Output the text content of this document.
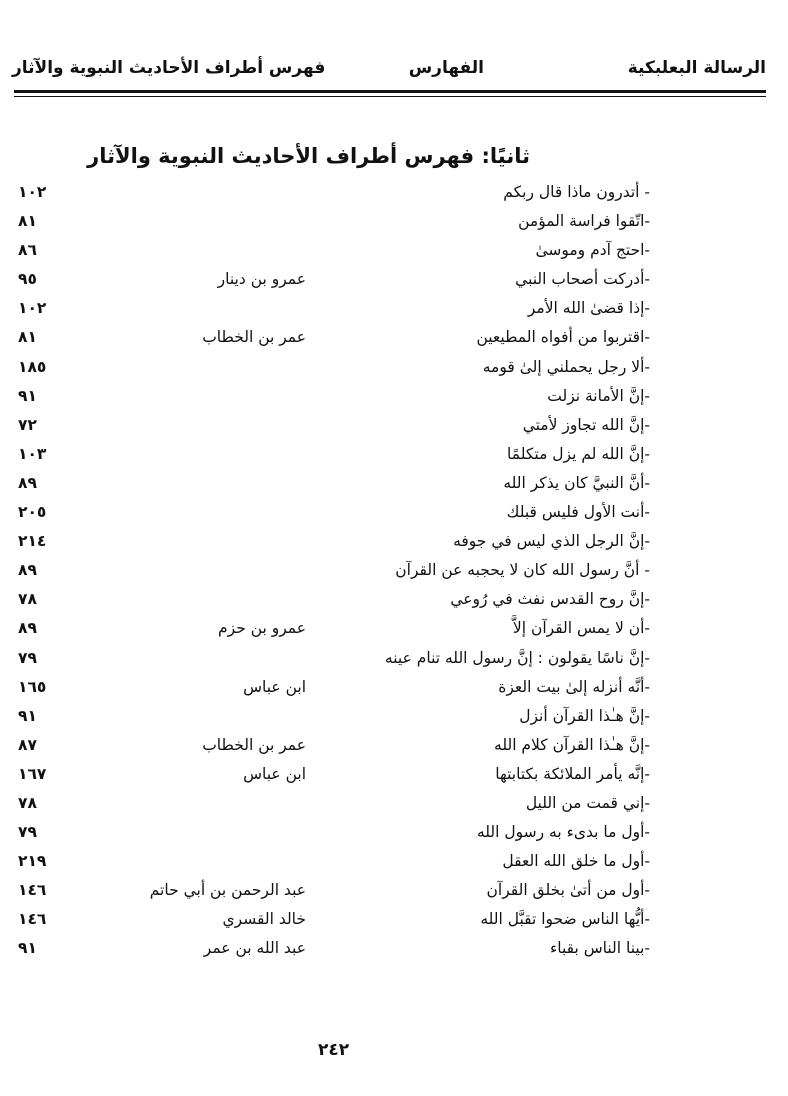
الرسالة البعلبكية
الفهارس
فهرس أطراف الأحاديث النبوية والآثار
ثانيًا: فهرس أطراف الأحاديث النبوية والآثار
- أتدرون ماذا قال ربكم
١٠٢
-اتّقوا فراسة المؤمن
٨١
-احتج آدم وموسىٰ
٨٦
-أدركت أصحاب النبي
عمرو بن دينار
٩٥
-إذا قضىٰ الله الأمر
١٠٢
-اقتربوا من أفواه المطيعين
عمر بن الخطاب
٨١
-ألا رجل يحملني إلىٰ قومه
١٨٥
-إنَّ الأمانة نزلت
٩١
-إنَّ الله تجاوز لأمتي
٧٢
-إنَّ الله لم يزل متكلمًا
١٠٣
-أنَّ النبيَّ كان يذكر الله
٨٩
-أنت الأول فليس قبلك
٢٠٥
-إنَّ الرجل الذي ليس في جوفه
٢١٤
- أنَّ رسول الله كان لا يحجبه عن القرآن
٨٩
-إنَّ روح القدس نفث في رُوعي
٧٨
-أن لا يمس القرآن إلاَّ
عمرو بن حزم
٨٩
-إنَّ ناسًا يقولون : إنَّ رسول الله تنام عينه
٧٩
-أنَّه أنزله إلىٰ بيت العزة
ابن عباس
١٦٥
-إنَّ هـٰذا القرآن أنزل
٩١
-إنَّ هـٰذا القرآن كلام الله
عمر بن الخطاب
٨٧
-إنَّه يأمر الملائكة بكتابتها
ابن عباس
١٦٧
-إني قمت من الليل
٧٨
-أول ما بدىء به رسول الله
٧٩
-أول ما خلق الله العقل
٢١٩
-أول من أتىٰ بخلق القرآن
عبد الرحمن بن أبي حاتم
١٤٦
-أيُّها الناس ضحوا تقبَّل الله
خالد القسري
١٤٦
-بينا الناس بقباء
عبد الله بن عمر
٩١
٢٤٢
